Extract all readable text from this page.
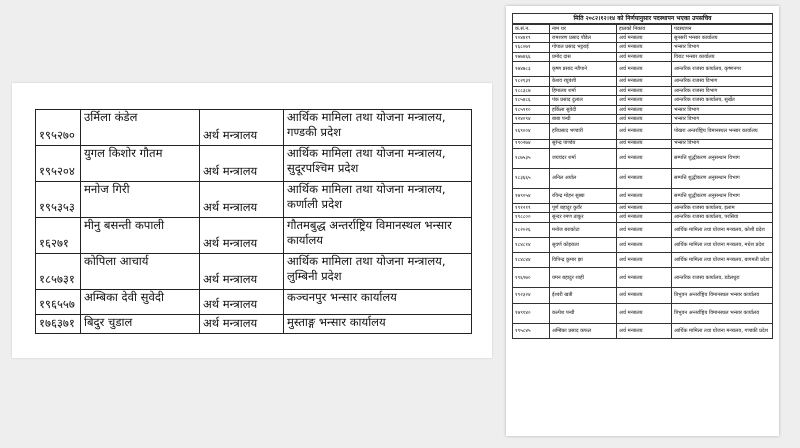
१९५२७०	उर्मिला कंडेल	अर्थ मन्त्रालय	आर्थिक मामिला तथा योजना मन्त्रालय, गण्डकी प्रदेश
१९५२०४	युगल किशोर गौतम	अर्थ मन्त्रालय	आर्थिक मामिला तथा योजना मन्त्रालय, सुदूरपश्चिम प्रदेश
१९५३५३	मनोज गिरी	अर्थ मन्त्रालय	आर्थिक मामिला तथा योजना मन्त्रालय, कर्णाली प्रदेश
१६२७१	मीनु बसन्ती कपाली	अर्थ मन्त्रालय	गौतमबुद्ध अन्तर्राष्ट्रिय विमानस्थल भन्सार कार्यालय
१८५७३१	कोपिला आचार्य	अर्थ मन्त्रालय	आर्थिक मामिला तथा योजना मन्त्रालय, लुम्बिनी प्रदेश
१९६५५७	अम्बिका देवी सुवेदी	अर्थ मन्त्रालय	कञ्चनपुर भन्सार कार्यालय
१७६३७१	बिदुर चुडाल	अर्थ मन्त्रालय	मुस्ताङ्ग भन्सार कार्यालय
मिति २०८२।१२।१४ को निर्णयानुसार पदस्थापन भएका उपसचिव
क.सं.न.	नाम थर	हालको निकाय	पदस्थापन
१०४४१९	रामशरण प्रसाद पौडेल	अर्थ मन्त्रालय	सुनसरी भन्सार कार्यालय
१६८०७१	गोपाल प्रसाद भट्टराई	अर्थ मन्त्रालय	भन्सार विभाग
१७७४६६	प्रमोद दास	अर्थ मन्त्रालय	विराट भन्सार कार्यालय
१७४७८३	कृष्ण प्रसाद न्यौपाने	अर्थ मन्त्रालय	आन्तरिक राजस्व कार्यालय, कृष्णनगर
१८२१३१	केशव रघुवंशी	अर्थ मन्त्रालय	आन्तरिक राजस्व विभाग
१८८३८७	हिमालय शर्मा	अर्थ मन्त्रालय	आन्तरिक राजस्व विभाग
१८५४८६	पंक प्रसाद दुलाल	अर्थ मन्त्रालय	आन्तरिक राजस्व कार्यालय, सुर्खेत
१८५९१०	हर्किला सुवेदी	अर्थ मन्त्रालय	भन्सार विभाग
१२४०९४	बाबा पन्थी	अर्थ मन्त्रालय	भन्सार विभाग
१६९००४	हरिप्रसाद भण्डारी	अर्थ मन्त्रालय	पोखरा अन्तर्राष्ट्रिय विमानस्थल भन्सार कार्यालय
१९०२७४	सुरेन्द्र पाण्डेय	अर्थ मन्त्रालय	भन्सार विभाग
१८७५३५	जयचंदर शर्मा	अर्थ मन्त्रालय	सम्पत्ति शुद्धीकरण अनुसन्धान विभाग
१८३६६५	अनिल अर्याल	अर्थ मन्त्रालय	सम्पत्ति शुद्धीकरण अनुसन्धान विभाग
१७९०५४	रविन्द्र मोहन सुब्बा	अर्थ मन्त्रालय	सम्पत्ति शुद्धीकरण अनुसन्धान विभाग
१९१२१९	पूर्ण बहादुर कुवँर	अर्थ मन्त्रालय	आन्तरिक राजस्व कार्यालय, इलाम
१९८८००	सुन्दर रमण ठाकुर	अर्थ मन्त्रालय	आन्तरिक राजस्व कार्यालय, परसिया
१८२०२६	मनोज बराकोटा	अर्थ मन्त्रालय	आर्थिक मामिला तथा योजना मन्त्रालय, कोशी प्रदेश
१८४८१४	सुवर्ण कोइराला	अर्थ मन्त्रालय	आर्थिक मामिला तथा योजना मन्त्रालय, मधेश प्रदेश
१८४८४४	विपिन्द्र कुमार झा	अर्थ मन्त्रालय	आर्थिक मामिला तथा योजना मन्त्रालय, बागमती प्रदेश
१९६९७०	यमन बहादुर शाही	अर्थ मन्त्रालय	आन्तरिक राजस्व कार्यालय, डडेलधुरा
१९२३२४	ईश्वरी खत्री	अर्थ मन्त्रालय	त्रिभुवन अन्तर्राष्ट्रिय विमानस्थल भन्सार कार्यालय
१७९१४०	कल्पेश पन्थी	अर्थ मन्त्रालय	त्रिभुवन अन्तर्राष्ट्रिय विमानस्थल भन्सार कार्यालय
१९५८४५	अम्बिका प्रसाद कफल	अर्थ मन्त्रालय	आर्थिक मामिला तथा योजना मन्त्रालय, गण्डकी प्रदेश
